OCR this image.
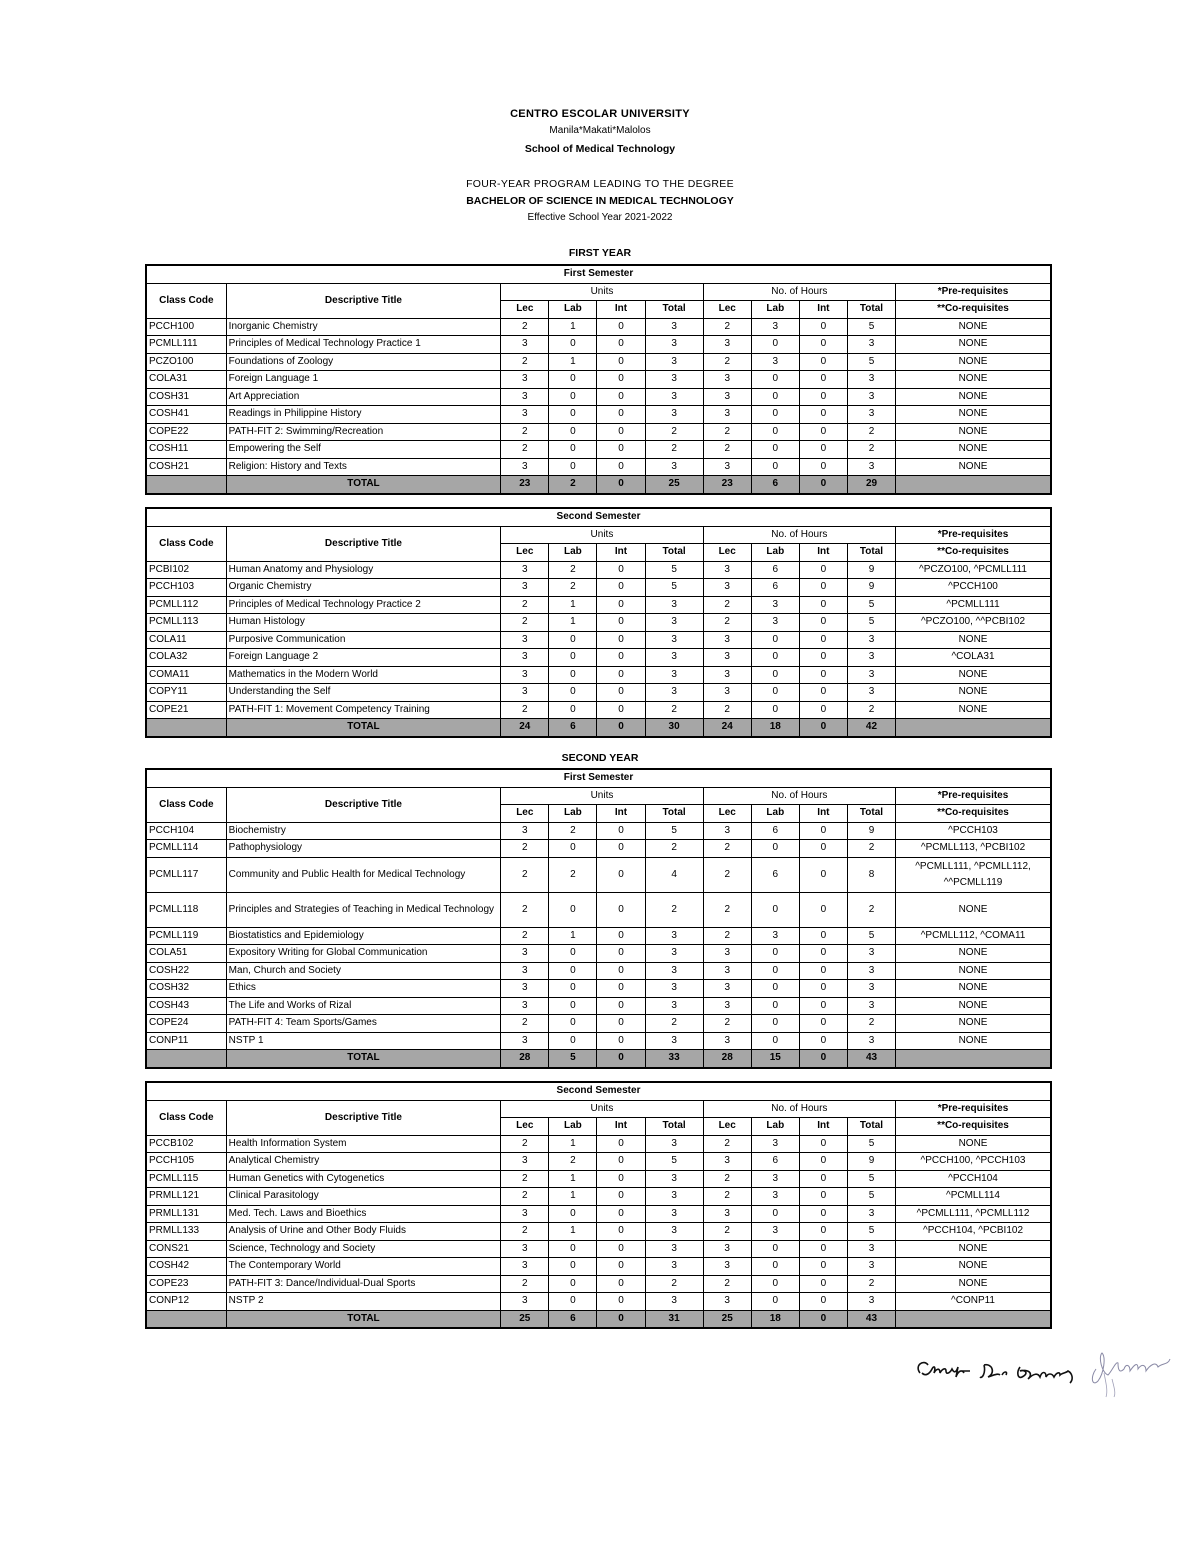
CENTRO ESCOLAR UNIVERSITY
Manila*Makati*Malolos
School of Medical Technology
FOUR-YEAR PROGRAM LEADING TO THE DEGREE
BACHELOR OF SCIENCE IN MEDICAL TECHNOLOGY
Effective School Year 2021-2022
FIRST YEAR
First Semester										
Class Code	Descriptive Title	Units				No. of Hours				*Pre-requisites
		Lec	Lab	Int	Total	Lec	Lab	Int	Total	**Co-requisites
PCCH100	Inorganic Chemistry	2	1	0	3	2	3	0	5	NONE
PCMLL111	Principles of Medical Technology Practice 1	3	0	0	3	3	0	0	3	NONE
PCZO100	Foundations of Zoology	2	1	0	3	2	3	0	5	NONE
COLA31	Foreign Language 1	3	0	0	3	3	0	0	3	NONE
COSH31	Art Appreciation	3	0	0	3	3	0	0	3	NONE
COSH41	Readings in Philippine History	3	0	0	3	3	0	0	3	NONE
COPE22	PATH-FIT 2: Swimming/Recreation	2	0	0	2	2	0	0	2	NONE
COSH11	Empowering the Self	2	0	0	2	2	0	0	2	NONE
COSH21	Religion: History and Texts	3	0	0	3	3	0	0	3	NONE
	TOTAL	23	2	0	25	23	6	0	29	
Second Semester										
Class Code	Descriptive Title	Units				No. of Hours				*Pre-requisites
		Lec	Lab	Int	Total	Lec	Lab	Int	Total	**Co-requisites
PCBI102	Human Anatomy and Physiology	3	2	0	5	3	6	0	9	^PCZO100, ^PCMLL111
PCCH103	Organic Chemistry	3	2	0	5	3	6	0	9	^PCCH100
PCMLL112	Principles of Medical Technology Practice 2	2	1	0	3	2	3	0	5	^PCMLL111
PCMLL113	Human Histology	2	1	0	3	2	3	0	5	^PCZO100, ^^PCBI102
COLA11	Purposive Communication	3	0	0	3	3	0	0	3	NONE
COLA32	Foreign Language 2	3	0	0	3	3	0	0	3	^COLA31
COMA11	Mathematics in the Modern World	3	0	0	3	3	0	0	3	NONE
COPY11	Understanding the Self	3	0	0	3	3	0	0	3	NONE
COPE21	PATH-FIT 1: Movement Competency Training	2	0	0	2	2	0	0	2	NONE
	TOTAL	24	6	0	30	24	18	0	42	
SECOND YEAR
First Semester										
Class Code	Descriptive Title	Units				No. of Hours				*Pre-requisites
		Lec	Lab	Int	Total	Lec	Lab	Int	Total	**Co-requisites
PCCH104	Biochemistry	3	2	0	5	3	6	0	9	^PCCH103
PCMLL114	Pathophysiology	2	0	0	2	2	0	0	2	^PCMLL113, ^PCBI102
PCMLL117	Community and Public Health for Medical Technology	2	2	0	4	2	6	0	8	^PCMLL111, ^PCMLL112, ^^PCMLL119
PCMLL118	Principles and Strategies of Teaching in Medical Technology	2	0	0	2	2	0	0	2	NONE
PCMLL119	Biostatistics and Epidemiology	2	1	0	3	2	3	0	5	^PCMLL112, ^COMA11
COLA51	Expository Writing for Global Communication	3	0	0	3	3	0	0	3	NONE
COSH22	Man, Church and Society	3	0	0	3	3	0	0	3	NONE
COSH32	Ethics	3	0	0	3	3	0	0	3	NONE
COSH43	The Life and Works of Rizal	3	0	0	3	3	0	0	3	NONE
COPE24	PATH-FIT 4: Team Sports/Games	2	0	0	2	2	0	0	2	NONE
CONP11	NSTP 1	3	0	0	3	3	0	0	3	NONE
	TOTAL	28	5	0	33	28	15	0	43	
Second Semester										
Class Code	Descriptive Title	Units				No. of Hours				*Pre-requisites
		Lec	Lab	Int	Total	Lec	Lab	Int	Total	**Co-requisites
PCCB102	Health Information System	2	1	0	3	2	3	0	5	NONE
PCCH105	Analytical Chemistry	3	2	0	5	3	6	0	9	^PCCH100, ^PCCH103
PCMLL115	Human Genetics with Cytogenetics	2	1	0	3	2	3	0	5	^PCCH104
PRMLL121	Clinical Parasitology	2	1	0	3	2	3	0	5	^PCMLL114
PRMLL131	Med. Tech. Laws and Bioethics	3	0	0	3	3	0	0	3	^PCMLL111, ^PCMLL112
PRMLL133	Analysis of Urine and Other Body Fluids	2	1	0	3	2	3	0	5	^PCCH104, ^PCBI102
CONS21	Science, Technology and Society	3	0	0	3	3	0	0	3	NONE
COSH42	The Contemporary World	3	0	0	3	3	0	0	3	NONE
COPE23	PATH-FIT 3: Dance/Individual-Dual Sports	2	0	0	2	2	0	0	2	NONE
CONP12	NSTP 2	3	0	0	3	3	0	0	3	^CONP11
	TOTAL	25	6	0	31	25	18	0	43	
